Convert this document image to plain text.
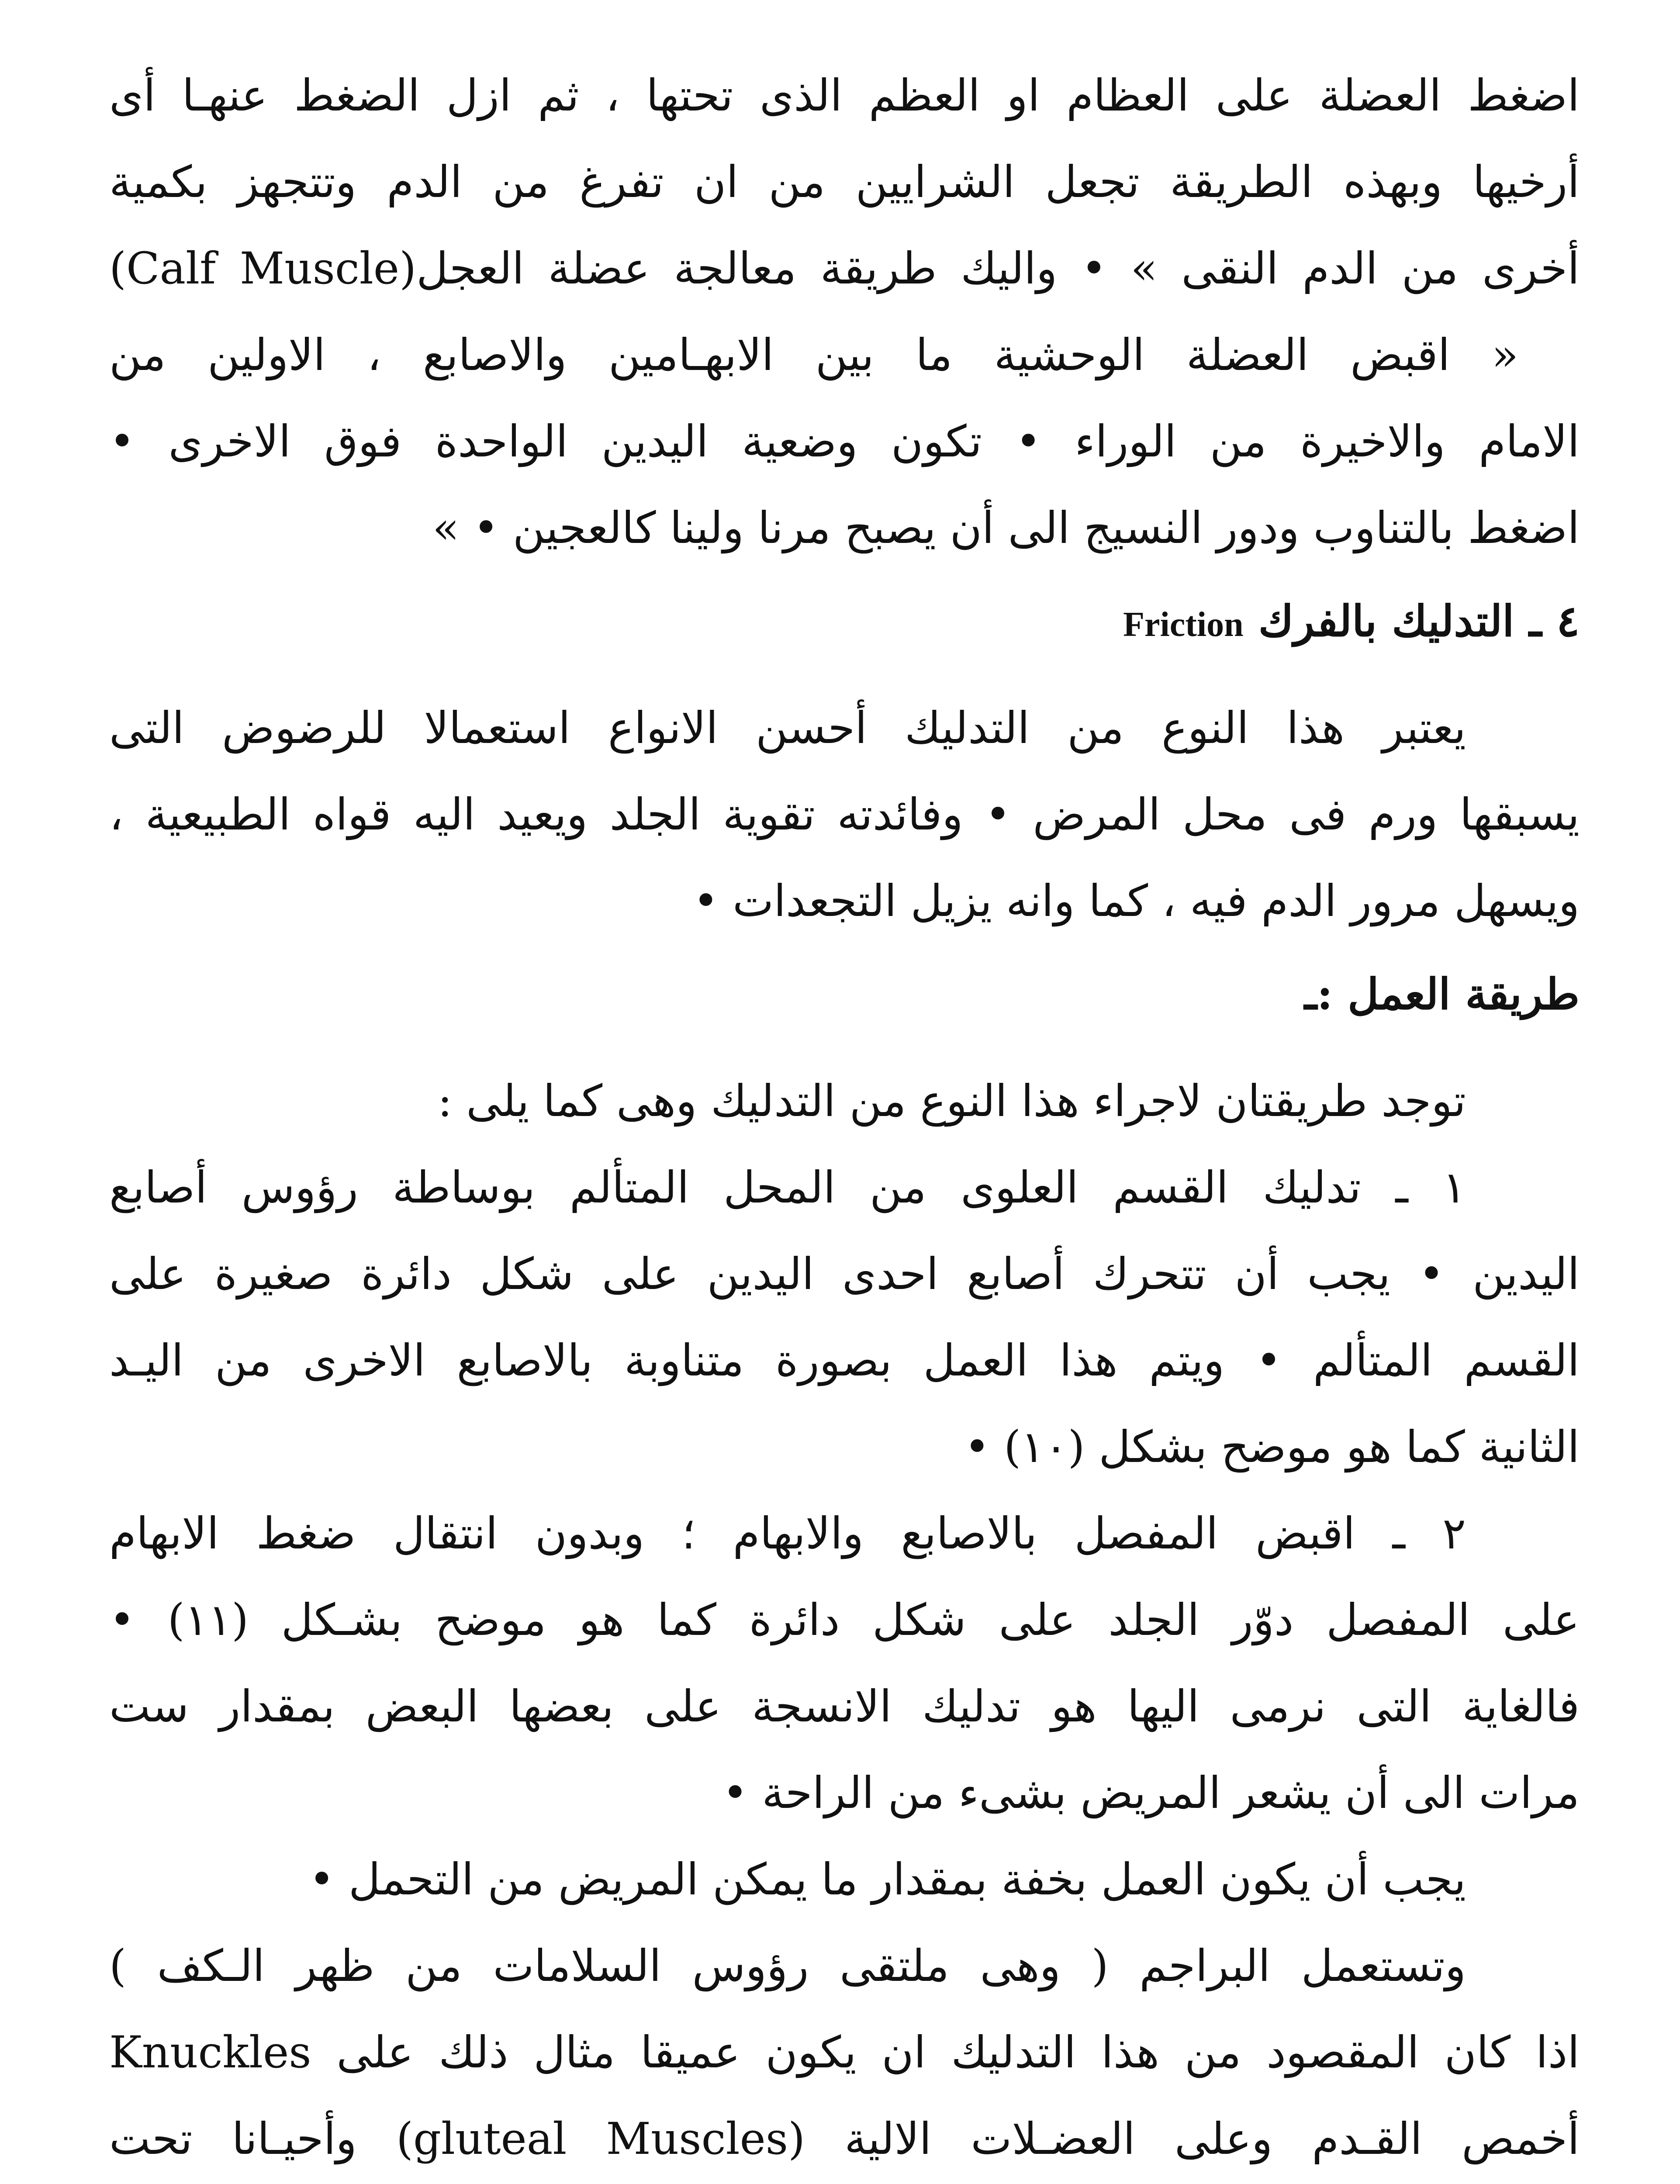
اضغط العضلة على العظام او العظم الذى تحتها ، ثم ازل الضغط عنهـا أى
أرخيها وبهذه الطريقة تجعل الشرايين من ان تفرغ من الدم وتتجهز بكمية
أخرى من الدم النقى » • واليك طريقة معالجة عضلة العجل(Calf Muscle)
« اقبض العضلة الوحشية ما بين الابهـامين والاصابع ، الاولين من
الامام والاخيرة من الوراء • تكون وضعية اليدين الواحدة فوق الاخرى •
اضغط بالتناوب ودور النسيج الى أن يصبح مرنا ولينا كالعجين • »
٤ ـ التدليك بالفرك Friction
يعتبر هذا النوع من التدليك أحسن الانواع استعمالا للرضوض التى
يسبقها ورم فى محل المرض • وفائدته تقوية الجلد ويعيد اليه قواه الطبيعية ،
ويسهل مرور الدم فيه ، كما وانه يزيل التجعدات •
طريقة العمل :ـ
توجد طريقتان لاجراء هذا النوع من التدليك وهى كما يلى :
١ ـ تدليك القسم العلوى من المحل المتألم بوساطة رؤوس أصابع
اليدين • يجب أن تتحرك أصابع احدى اليدين على شكل دائرة صغيرة على
القسم المتألم • ويتم هذا العمل بصورة متناوبة بالاصابع الاخرى من اليـد
الثانية كما هو موضح بشكل (١٠) •
٢ ـ اقبض المفصل بالاصابع والابهام ؛ وبدون انتقال ضغط الابهام
على المفصل دوّر الجلد على شكل دائرة كما هو موضح بشـكل (١١) •
فالغاية التى نرمى اليها هو تدليك الانسجة على بعضها البعض بمقدار ست
مرات الى أن يشعر المريض بشىء من الراحة •
يجب أن يكون العمل بخفة بمقدار ما يمكن المريض من التحمل •
وتستعمل البراجم ( وهى ملتقى رؤوس السلامات من ظهر الـكف )
Knuckles اذا كان المقصود من هذا التدليك ان يكون عميقا مثال ذلك على
أخمص القـدم وعلى العضـلات الالية (gluteal Muscles) وأحيـانا تحت
